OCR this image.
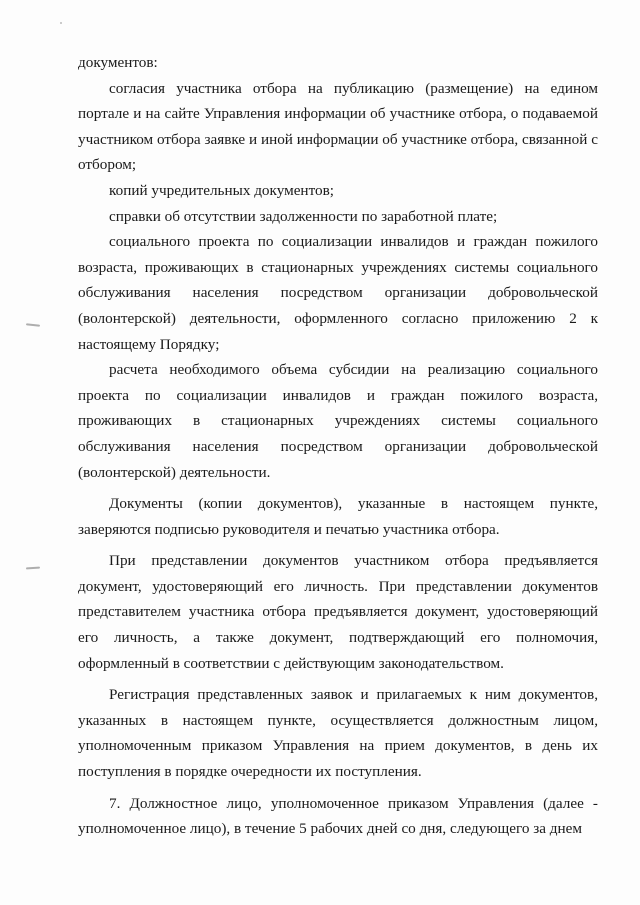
документов:

согласия участника отбора на публикацию (размещение) на едином портале и на сайте Управления информации об участнике отбора, о подаваемой участником отбора заявке и иной информации об участнике отбора, связанной с отбором;

копий учредительных документов;

справки об отсутствии задолженности по заработной плате;

социального проекта по социализации инвалидов и граждан пожилого возраста, проживающих в стационарных учреждениях системы социального обслуживания населения посредством организации добровольческой (волонтерской) деятельности, оформленного согласно приложению 2 к настоящему Порядку;

расчета необходимого объема субсидии на реализацию социального проекта по социализации инвалидов и граждан пожилого возраста, проживающих в стационарных учреждениях системы социального обслуживания населения посредством организации добровольческой (волонтерской) деятельности.

Документы (копии документов), указанные в настоящем пункте, заверяются подписью руководителя и печатью участника отбора.

При представлении документов участником отбора предъявляется документ, удостоверяющий его личность. При представлении документов представителем участника отбора предъявляется документ, удостоверяющий его личность, а также документ, подтверждающий его полномочия, оформленный в соответствии с действующим законодательством.

Регистрация представленных заявок и прилагаемых к ним документов, указанных в настоящем пункте, осуществляется должностным лицом, уполномоченным приказом Управления на прием документов, в день их поступления в порядке очередности их поступления.

7. Должностное лицо, уполномоченное приказом Управления (далее - уполномоченное лицо), в течение 5 рабочих дней со дня, следующего за днем
